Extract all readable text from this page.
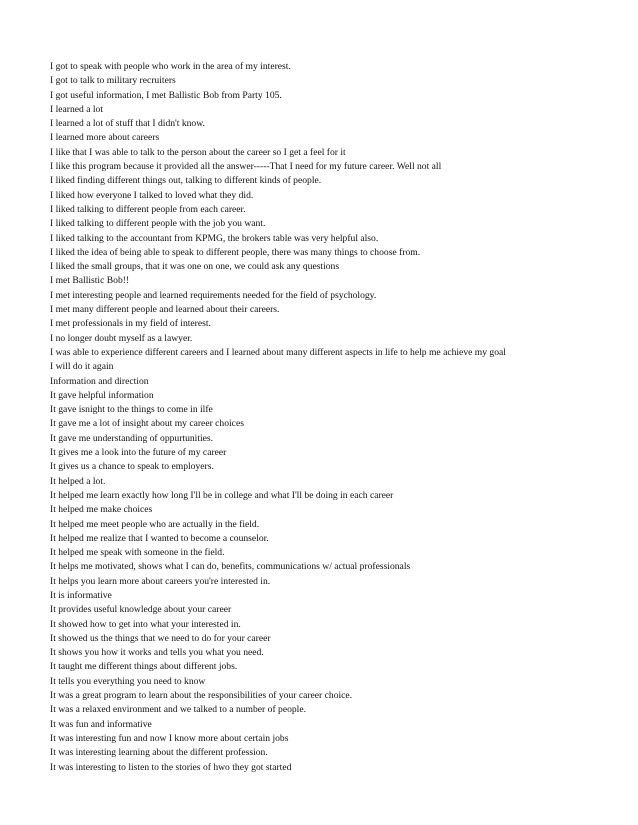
I got to speak with people who work in the area of my interest.
I got to talk to military recruiters
I got useful information, I met Ballistic Bob from Party 105.
I learned a lot
I learned a lot of stuff that I didn't know.
I learned more about careers
I like that I was able to talk to the person about the career so I get a feel for it
I like this program because it provided all the answer-----That I need for my future career. Well not all
I liked finding different things out, talking to different kinds of people.
I liked how everyone I talked to loved what they did.
I liked talking to different people from each career.
I liked talking to different people with the job you want.
I liked talking to the accountant from KPMG, the brokers table was very helpful also.
I liked the idea of being able to speak to different people, there was many things to choose from.
I liked the small groups, that it was one on one, we could ask any questions
I met Ballistic Bob!!
I met interesting people and learned requirements needed for the field of psychology.
I met many different people and learned about their careers.
I met professionals in my field of interest.
I no longer doubt myself as a lawyer.
I was able to experience different careers and I learned about many different aspects in life to help me achieve my goal
I will do it again
Information and direction
It gave helpful information
It gave isnight to the things to come in ilfe
It gave me a lot of insight about my career choices
It gave me understanding of oppurtunities.
It gives me a look into the future of my career
It gives us a chance to speak to employers.
It helped a lot.
It helped me learn exactly how long I'll be in college and what I'll be doing in each career
It helped me make choices
It helped me meet people who are actually in the field.
It helped me realize that I wanted to become a counselor.
It helped me speak with someone in the field.
It helps me motivated, shows what I can do, benefits, communications w/ actual professionals
It helps you learn more about careers you're interested in.
It is informative
It provides useful knowledge about your career
It showed how to get into what your interested in.
It showed us the things that we need to do for your career
It shows you how it works and tells you what you need.
It taught me different things about different jobs.
It tells you everything you need to know
It was a great program to learn about the responsibilities of your career choice.
It was a relaxed environment and we talked to a number of people.
It was fun and informative
It was interesting fun and now I know more about certain jobs
It was interesting learning about the different profession.
It was interesting to listen to the stories of hwo they got started
